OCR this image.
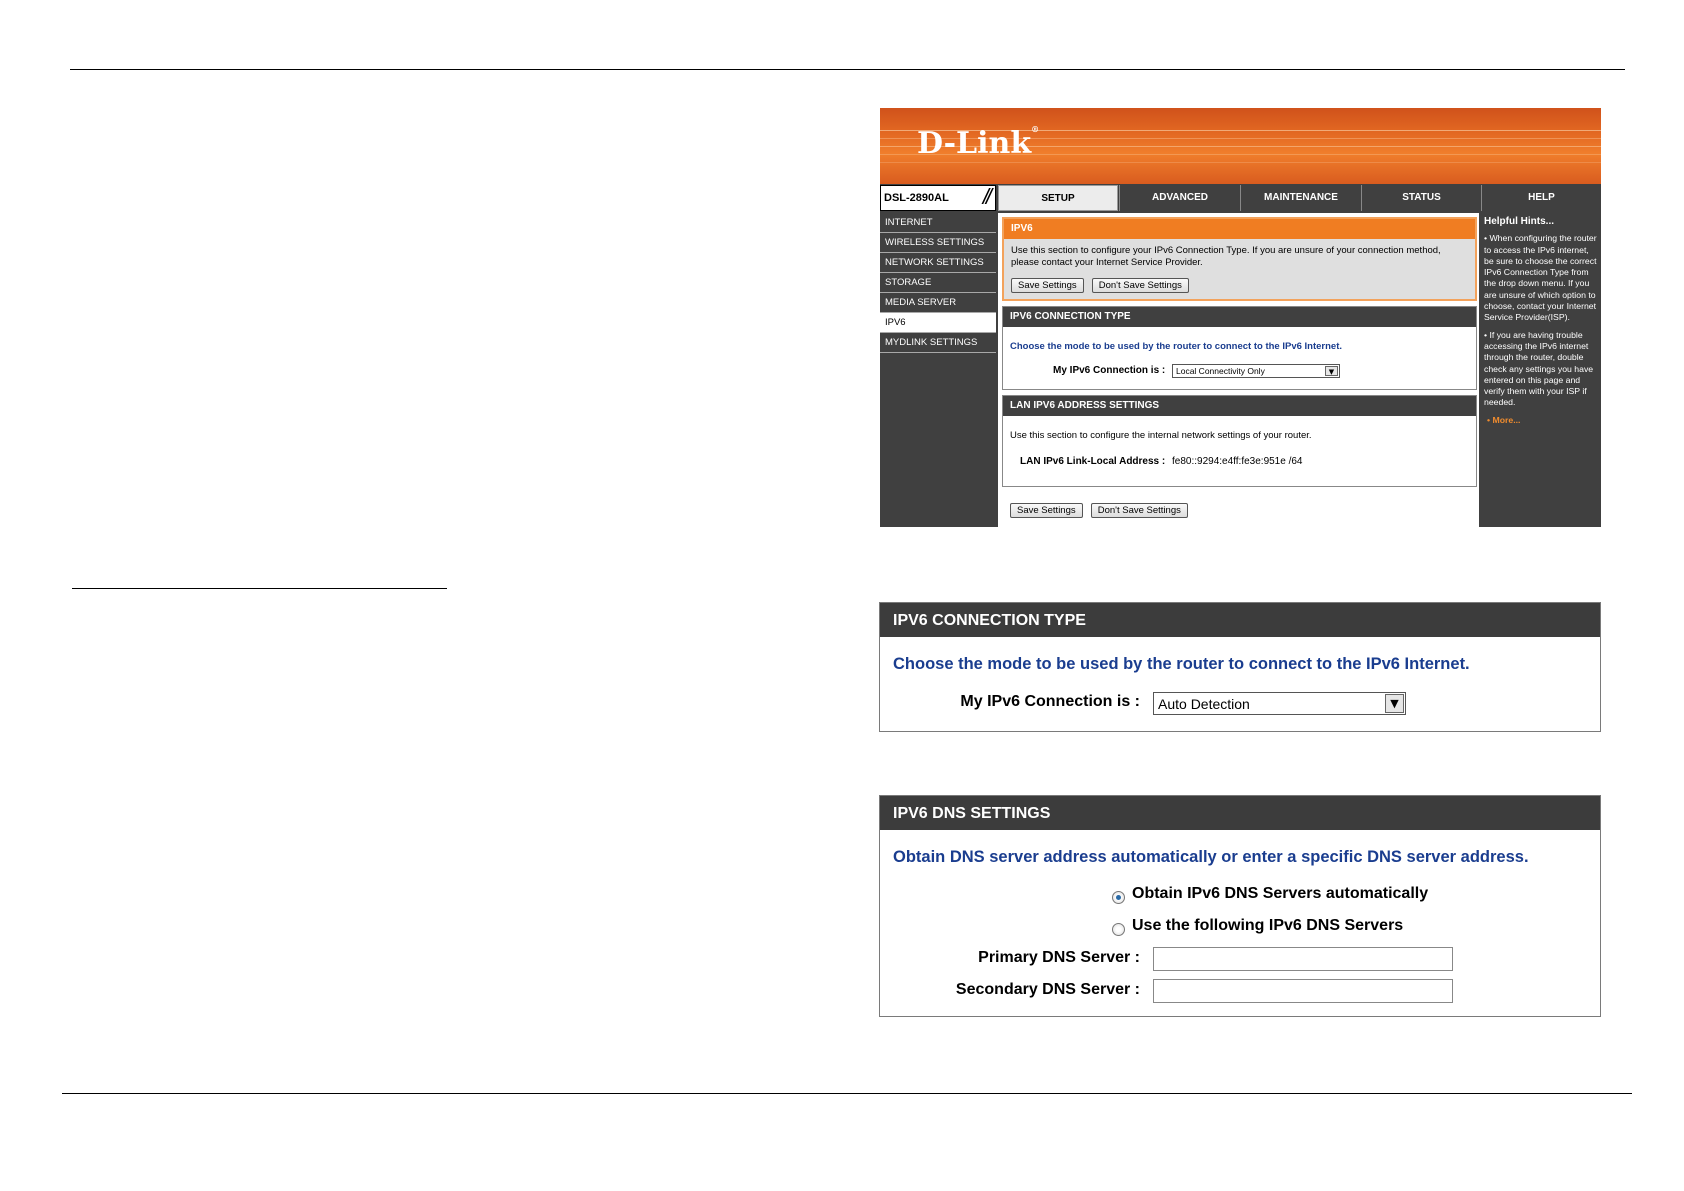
D-Link®
DSL-2890AL //	SETUP	ADVANCED	MAINTENANCE	STATUS	HELP
INTERNET
WIRELESS SETTINGS
NETWORK SETTINGS
STORAGE
MEDIA SERVER
IPV6
MYDLINK SETTINGS
IPV6
Use this section to configure your IPv6 Connection Type. If you are unsure of your connection method, please contact your Internet Service Provider.
Save Settings Don't Save Settings
IPV6 CONNECTION TYPE
Choose the mode to be used by the router to connect to the IPv6 Internet.
My IPv6 Connection is : Local Connectivity Only	▼
LAN IPV6 ADDRESS SETTINGS
Use this section to configure the internal network settings of your router.
LAN IPv6 Link-Local Address : fe80::9294:e4ff:fe3e:951e /64
Save Settings Don't Save Settings
Helpful Hints...

• When configuring the router to access the IPv6 internet, be sure to choose the correct IPv6 Connection Type from the drop down menu. If you are unsure of which option to choose, contact your Internet Service Provider(ISP).

• If you are having trouble accessing the IPv6 internet through the router, double check any settings you have entered on this page and verify them with your ISP if needed.

• More...
IPV6 CONNECTION TYPE
Choose the mode to be used by the router to connect to the IPv6 Internet.
My IPv6 Connection is : Auto Detection	▼
IPV6 DNS SETTINGS
Obtain DNS server address automatically or enter a specific DNS server address.
Obtain IPv6 DNS Servers automatically
Use the following IPv6 DNS Servers
Primary DNS Server :
Secondary DNS Server :
